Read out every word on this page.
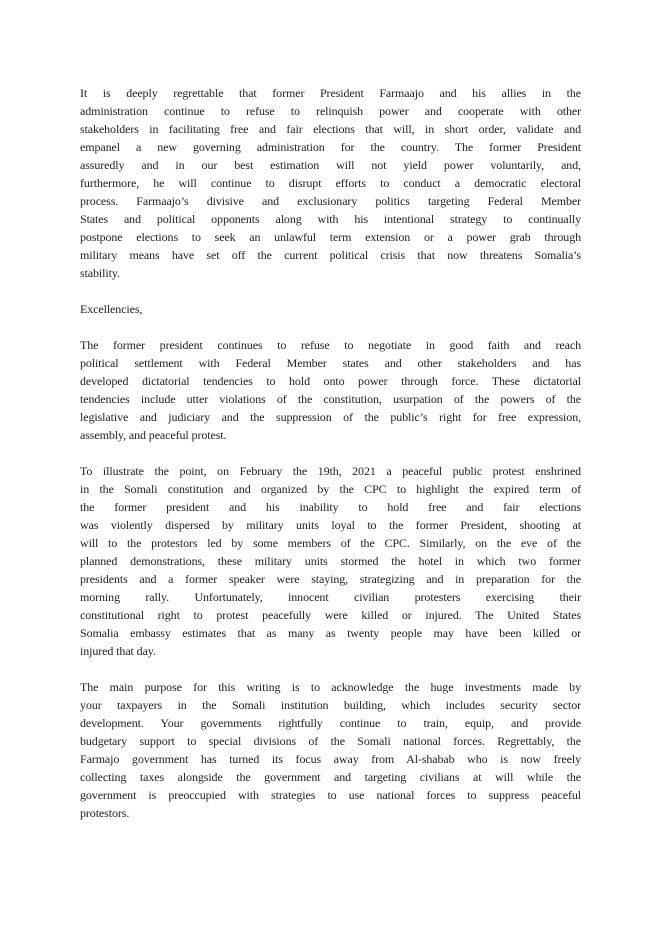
It is deeply regrettable that former President Farmaajo and his allies in the
administration continue to refuse to relinquish power and cooperate with other
stakeholders in facilitating free and fair elections that will, in short order, validate and
empanel a new governing administration for the country. The former President
assuredly and in our best estimation will not yield power voluntarily, and,
furthermore, he will continue to disrupt efforts to conduct a democratic electoral
process. Farmaajo’s divisive and exclusionary politics targeting Federal Member
States and political opponents along with his intentional strategy to continually
postpone elections to seek an unlawful term extension or a power grab through
military means have set off the current political crisis that now threatens Somalia’s
stability.
Excellencies,
The former president continues to refuse to negotiate in good faith and reach
political settlement with Federal Member states and other stakeholders and has
developed dictatorial tendencies to hold onto power through force. These dictatorial
tendencies include utter violations of the constitution, usurpation of the powers of the
legislative and judiciary and the suppression of the public’s right for free expression,
assembly, and peaceful protest.
To illustrate the point, on February the 19th, 2021 a peaceful public protest enshrined
in the Somali constitution and organized by the CPC to highlight the expired term of
the former president and his inability to hold free and fair elections
was violently dispersed by military units loyal to the former President, shooting at
will to the protestors led by some members of the CPC. Similarly, on the eve of the
planned demonstrations, these military units stormed the hotel in which two former
presidents and a former speaker were staying, strategizing and in preparation for the
morning rally. Unfortunately, innocent civilian protesters exercising their
constitutional right to protest peacefully were killed or injured. The United States
Somalia embassy estimates that as many as twenty people may have been killed or
injured that day.
The main purpose for this writing is to acknowledge the huge investments made by
your taxpayers in the Somali institution building, which includes security sector
development. Your governments rightfully continue to train, equip, and provide
budgetary support to special divisions of the Somali national forces. Regrettably, the
Farmajo government has turned its focus away from Al-shabab who is now freely
collecting taxes alongside the government and targeting civilians at will while the
government is preoccupied with strategies to use national forces to suppress peaceful
protestors.
